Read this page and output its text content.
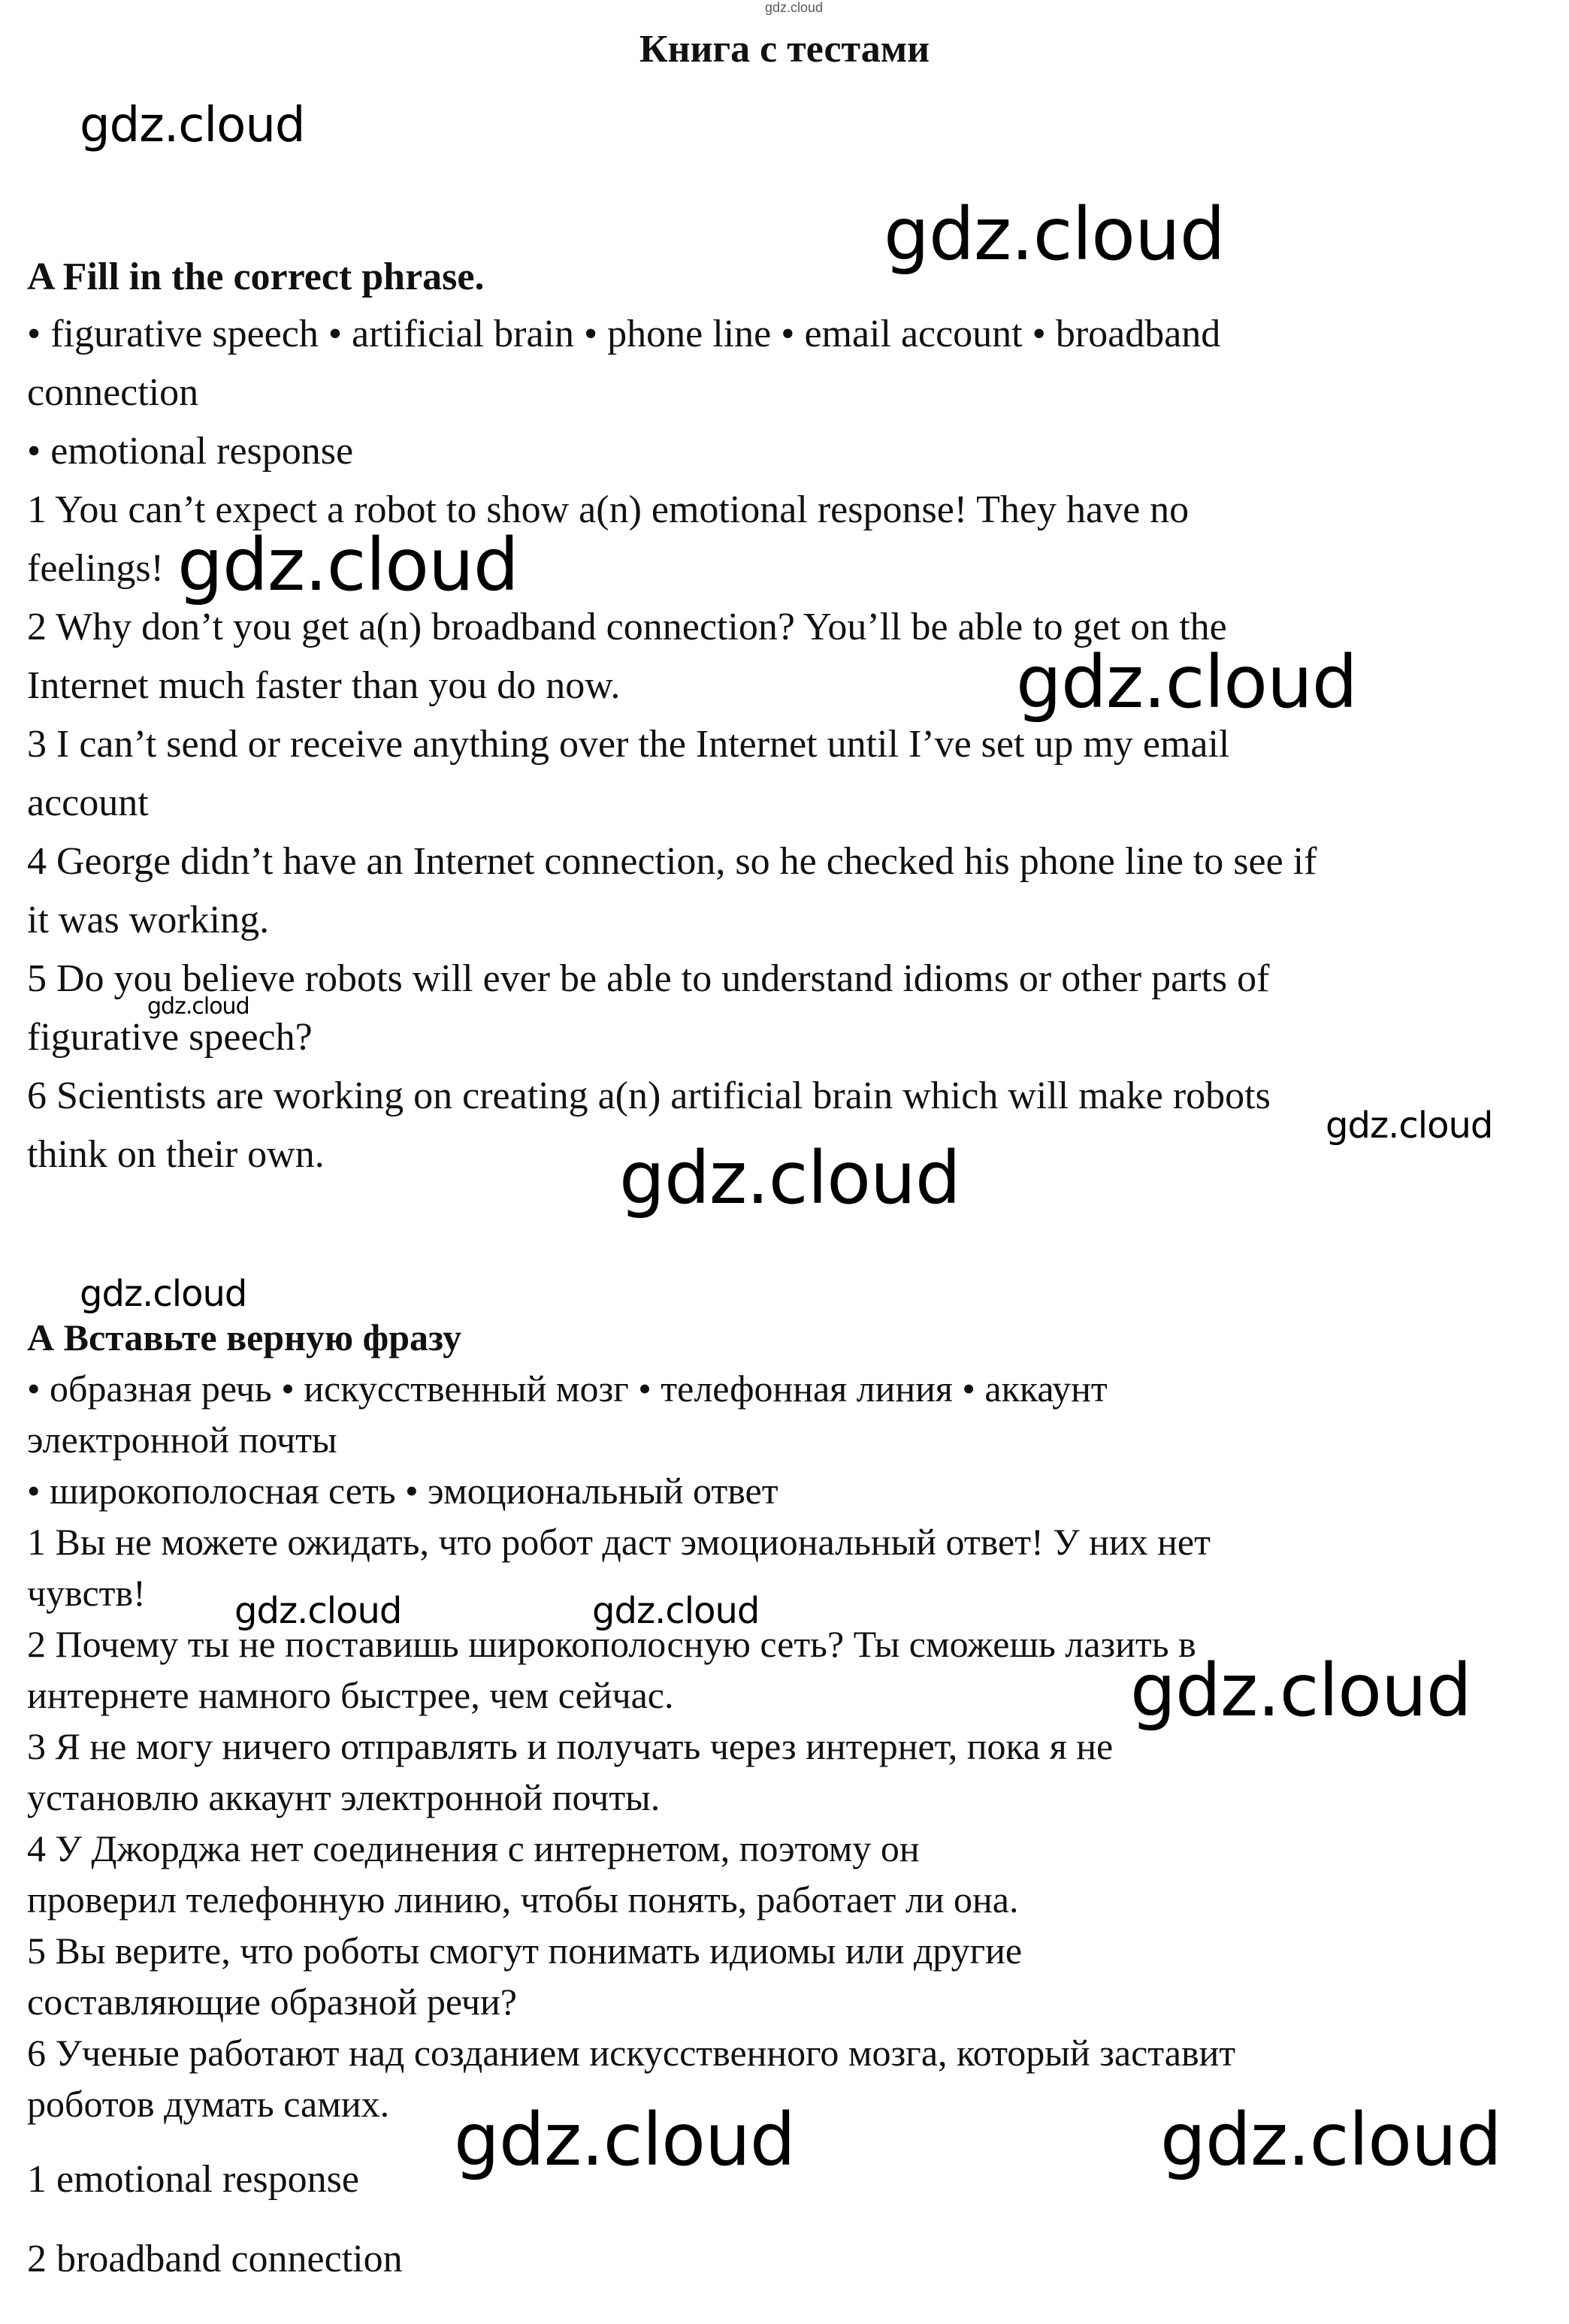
gdz.cloud
Книга с тестами
gdz.cloud
gdz.cloud
gdz.cloud
gdz.cloud
gdz.cloud
gdz.cloud
gdz.cloud
gdz.cloud
gdz.cloud	gdz.cloud
gdz.cloud
gdz.cloud	gdz.cloud
A Fill in the correct phrase.

• figurative speech • artificial brain • phone line • email account • broadband

connection

• emotional response

1 You can’t expect a robot to show a(n) emotional response! They have no

feelings!

2 Why don’t you get a(n) broadband connection? You’ll be able to get on the

Internet much faster than you do now.

3 I can’t send or receive anything over the Internet until I’ve set up my email

account

4 George didn’t have an Internet connection, so he checked his phone line to see if

it was working.

5 Do you believe robots will ever be able to understand idioms or other parts of

figurative speech?

6 Scientists are working on creating a(n) artificial brain which will make robots

think on their own.

А Вставьте верную фразу

• образная речь • искусственный мозг • телефонная линия • аккаунт

электронной почты

• широкополосная сеть • эмоциональный ответ

1 Вы не можете ожидать, что робот даст эмоциональный ответ! У них нет

чувств!

2 Почему ты не поставишь широкополосную сеть? Ты сможешь лазить в

интернете намного быстрее, чем сейчас.

3 Я не могу ничего отправлять и получать через интернет, пока я не

установлю аккаунт электронной почты.

4 У Джорджа нет соединения с интернетом, поэтому он

проверил телефонную линию, чтобы понять, работает ли она.

5 Вы верите, что роботы смогут понимать идиомы или другие

составляющие образной речи?

6 Ученые работают над созданием искусственного мозга, который заставит

роботов думать самих.

1 emotional response

2 broadband connection
